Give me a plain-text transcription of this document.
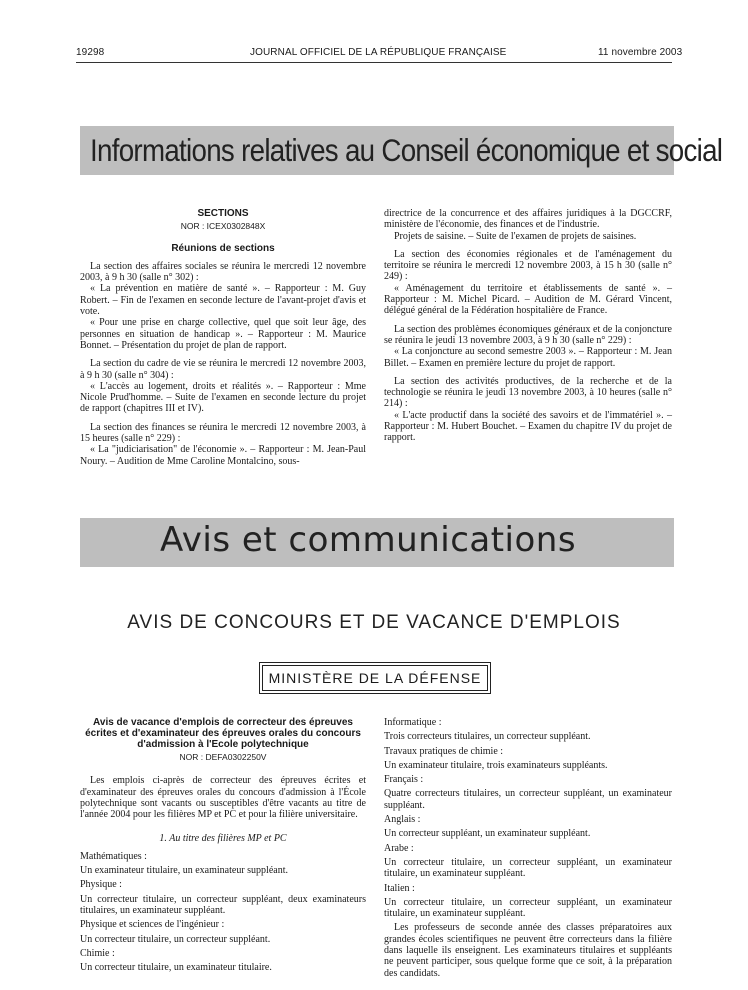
19298	JOURNAL OFFICIEL DE LA RÉPUBLIQUE FRANÇAISE	11 novembre 2003
Informations relatives au Conseil économique et social
SECTIONS
NOR : ICEX0302848X
Réunions de sections

La section des affaires sociales se réunira le mercredi 12 novembre 2003, à 9 h 30 (salle n° 302) :

« La prévention en matière de santé ». – Rapporteur : M. Guy Robert. – Fin de l'examen en seconde lecture de l'avant-projet d'avis et vote.

« Pour une prise en charge collective, quel que soit leur âge, des personnes en situation de handicap ». – Rapporteur : M. Maurice Bonnet. – Présentation du projet de plan de rapport.

La section du cadre de vie se réunira le mercredi 12 novembre 2003, à 9 h 30 (salle n° 304) :

« L'accès au logement, droits et réalités ». – Rapporteur : Mme Nicole Prud'homme. – Suite de l'examen en seconde lecture du projet de rapport (chapitres III et IV).

La section des finances se réunira le mercredi 12 novembre 2003, à 15 heures (salle n° 229) :

« La "judiciarisation" de l'économie ». – Rapporteur : M. Jean-Paul Noury. – Audition de Mme Caroline Montalcino, sous-

directrice de la concurrence et des affaires juridiques à la DGCCRF, ministère de l'économie, des finances et de l'industrie.

Projets de saisine. – Suite de l'examen de projets de saisines.

La section des économies régionales et de l'aménagement du territoire se réunira le mercredi 12 novembre 2003, à 15 h 30 (salle n° 249) :

« Aménagement du territoire et établissements de santé ». – Rapporteur : M. Michel Picard. – Audition de M. Gérard Vincent, délégué général de la Fédération hospitalière de France.

La section des problèmes économiques généraux et de la conjoncture se réunira le jeudi 13 novembre 2003, à 9 h 30 (salle n° 229) :

« La conjoncture au second semestre 2003 ». – Rapporteur : M. Jean Billet. – Examen en première lecture du projet de rapport.

La section des activités productives, de la recherche et de la technologie se réunira le jeudi 13 novembre 2003, à 10 heures (salle n° 214) :

« L'acte productif dans la société des savoirs et de l'immatériel ». – Rapporteur : M. Hubert Bouchet. – Examen du chapitre IV du projet de rapport.

Avis et communications
AVIS DE CONCOURS ET DE VACANCE D'EMPLOIS
MINISTÈRE DE LA DÉFENSE
Avis de vacance d'emplois de correcteur des épreuves écrites et d'examinateur des épreuves orales du concours d'admission à l'Ecole polytechnique
NOR : DEFA0302250V

Les emplois ci-après de correcteur des épreuves écrites et d'examinateur des épreuves orales du concours d'admission à l'École polytechnique sont vacants ou susceptibles d'être vacants au titre de l'année 2004 pour les filières MP et PC et pour la filière universitaire.

1. Au titre des filières MP et PC

Mathématiques :

Un examinateur titulaire, un examinateur suppléant.

Physique :

Un correcteur titulaire, un correcteur suppléant, deux examinateurs titulaires, un examinateur suppléant.

Physique et sciences de l'ingénieur :

Un correcteur titulaire, un correcteur suppléant.

Chimie :

Un correcteur titulaire, un examinateur titulaire.

Informatique :

Trois correcteurs titulaires, un correcteur suppléant.

Travaux pratiques de chimie :

Un examinateur titulaire, trois examinateurs suppléants.

Français :

Quatre correcteurs titulaires, un correcteur suppléant, un examinateur suppléant.

Anglais :

Un correcteur suppléant, un examinateur suppléant.

Arabe :

Un correcteur titulaire, un correcteur suppléant, un examinateur titulaire, un examinateur suppléant.

Italien :

Un correcteur titulaire, un correcteur suppléant, un examinateur titulaire, un examinateur suppléant.

Les professeurs de seconde année des classes préparatoires aux grandes écoles scientifiques ne peuvent être correcteurs dans la filière dans laquelle ils enseignent. Les examinateurs titulaires et suppléants ne peuvent participer, sous quelque forme que ce soit, à la préparation des candidats.
